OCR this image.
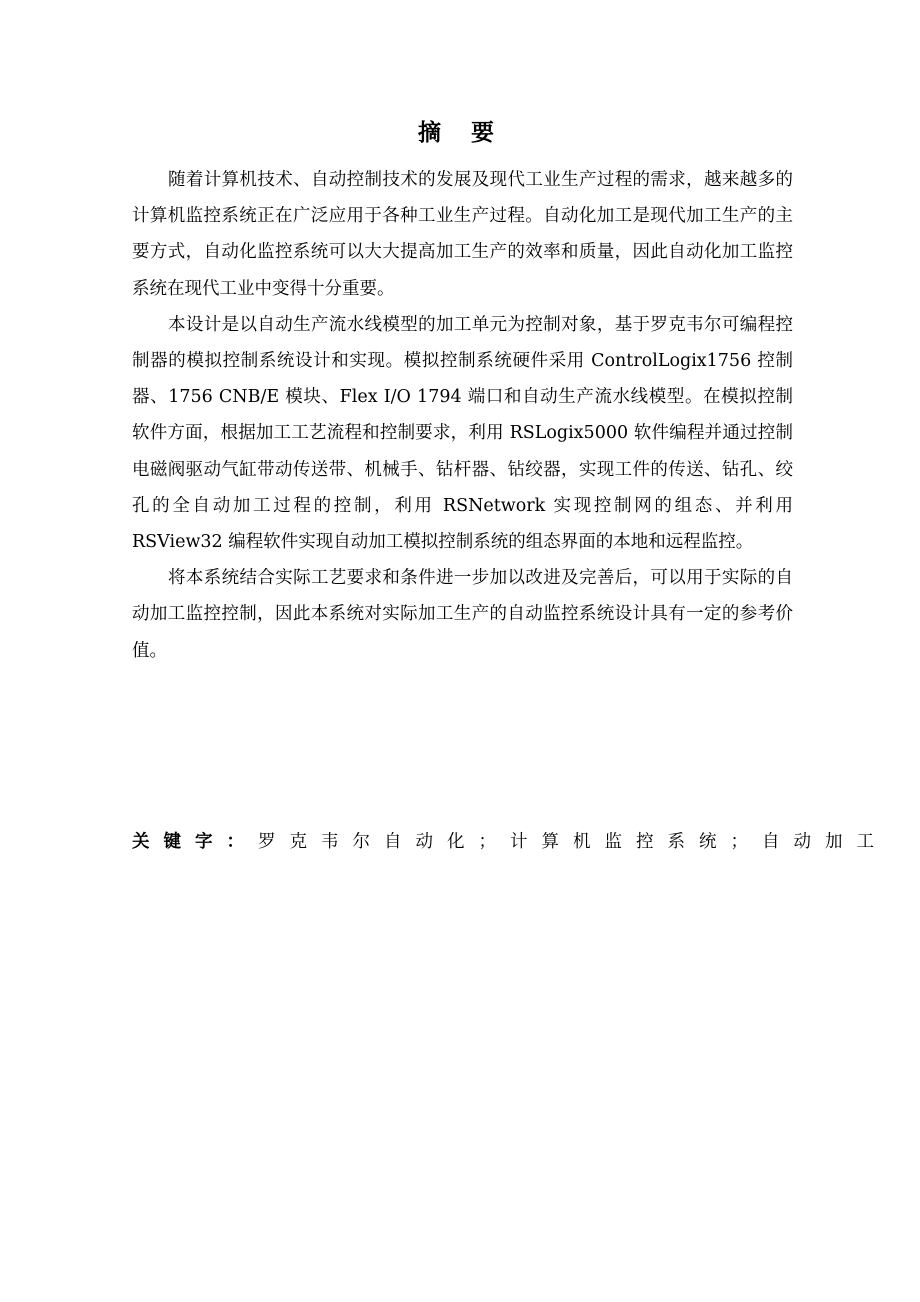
摘要

随着计算机技术、自动控制技术的发展及现代工业生产过程的需求，越来越多的计算机监控系统正在广泛应用于各种工业生产过程。自动化加工是现代加工生产的主要方式，自动化监控系统可以大大提高加工生产的效率和质量，因此自动化加工监控系统在现代工业中变得十分重要。

本设计是以自动生产流水线模型的加工单元为控制对象，基于罗克韦尔可编程控制器的模拟控制系统设计和实现。模拟控制系统硬件采用 ControlLogix1756 控制器、1756 CNB/E 模块、Flex I/O 1794 端口和自动生产流水线模型。在模拟控制软件方面，根据加工工艺流程和控制要求，利用 RSLogix5000 软件编程并通过控制电磁阀驱动气缸带动传送带、机械手、钻杆器、钻绞器，实现工件的传送、钻孔、绞孔的全自动加工过程的控制，利用 RSNetwork 实现控制网的组态、并利用 RSView32 编程软件实现自动加工模拟控制系统的组态界面的本地和远程监控。

将本系统结合实际工艺要求和条件进一步加以改进及完善后，可以用于实际的自动加工监控控制，因此本系统对实际加工生产的自动监控系统设计具有一定的参考价值。

关键字：罗克韦尔自动化；计算机监控系统；自动加工
